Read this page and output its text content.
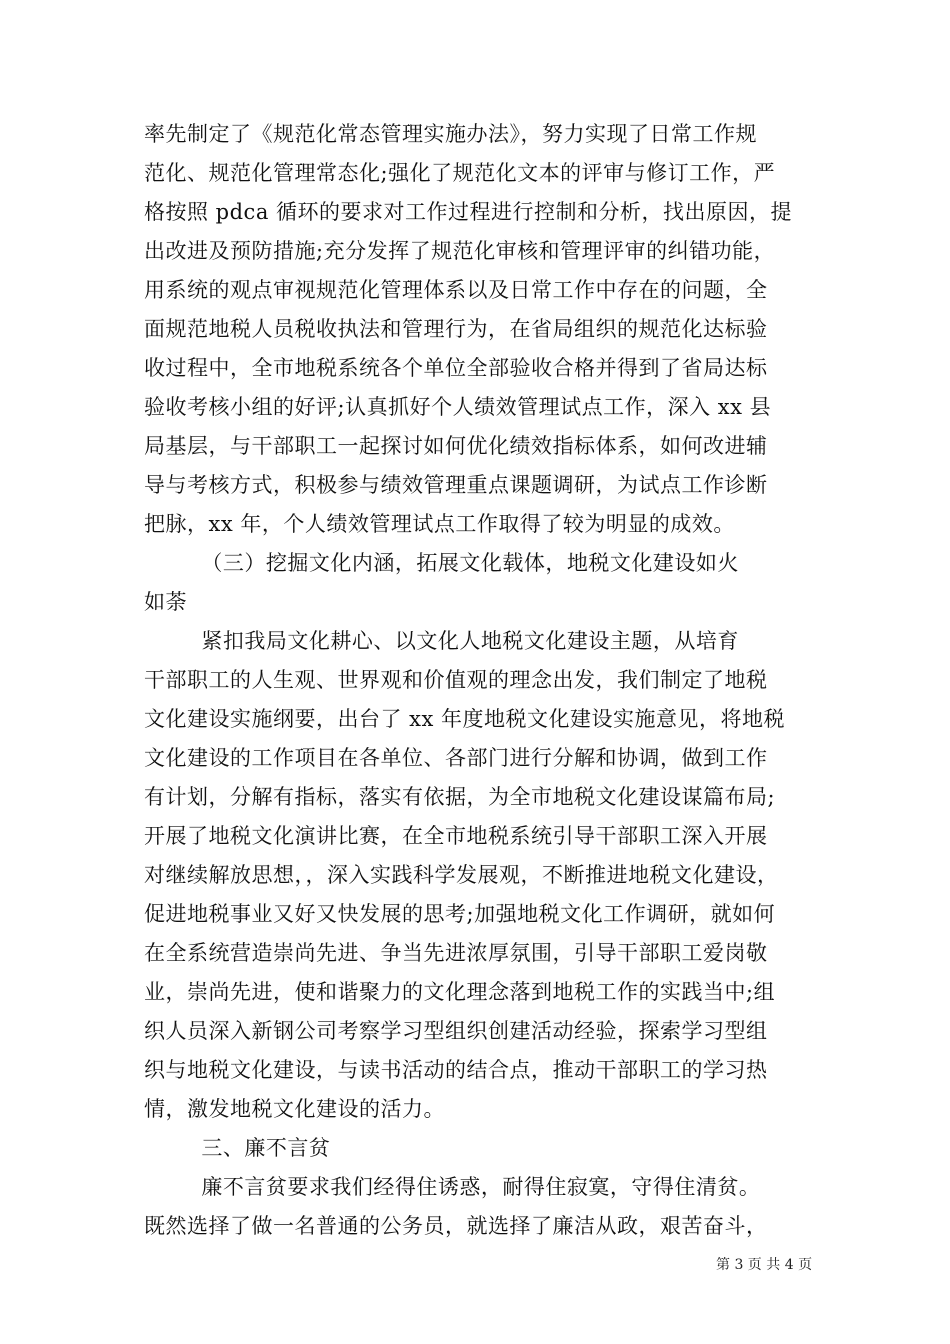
率先制定了《规范化常态管理实施办法》，努力实现了日常工作规
范化、规范化管理常态化;强化了规范化文本的评审与修订工作，严
格按照 pdca 循环的要求对工作过程进行控制和分析，找出原因，提
出改进及预防措施;充分发挥了规范化审核和管理评审的纠错功能，
用系统的观点审视规范化管理体系以及日常工作中存在的问题，全
面规范地税人员税收执法和管理行为，在省局组织的规范化达标验
收过程中，全市地税系统各个单位全部验收合格并得到了省局达标
验收考核小组的好评;认真抓好个人绩效管理试点工作，深入 xx 县
局基层，与干部职工一起探讨如何优化绩效指标体系，如何改进辅
导与考核方式，积极参与绩效管理重点课题调研，为试点工作诊断
把脉，xx 年，个人绩效管理试点工作取得了较为明显的成效。
（三）挖掘文化内涵，拓展文化载体，地税文化建设如火
如荼
紧扣我局文化耕心、以文化人地税文化建设主题，从培育
干部职工的人生观、世界观和价值观的理念出发，我们制定了地税
文化建设实施纲要，出台了 xx 年度地税文化建设实施意见，将地税
文化建设的工作项目在各单位、各部门进行分解和协调，做到工作
有计划，分解有指标，落实有依据，为全市地税文化建设谋篇布局;
开展了地税文化演讲比赛，在全市地税系统引导干部职工深入开展
对继续解放思想，，深入实践科学发展观，不断推进地税文化建设，
促进地税事业又好又快发展的思考;加强地税文化工作调研，就如何
在全系统营造崇尚先进、争当先进浓厚氛围，引导干部职工爱岗敬
业，崇尚先进，使和谐聚力的文化理念落到地税工作的实践当中;组
织人员深入新钢公司考察学习型组织创建活动经验，探索学习型组
织与地税文化建设，与读书活动的结合点，推动干部职工的学习热
情，激发地税文化建设的活力。
三、廉不言贫
廉不言贫要求我们经得住诱惑，耐得住寂寞，守得住清贫。
既然选择了做一名普通的公务员，就选择了廉洁从政，艰苦奋斗，
第 3 页 共 4 页
